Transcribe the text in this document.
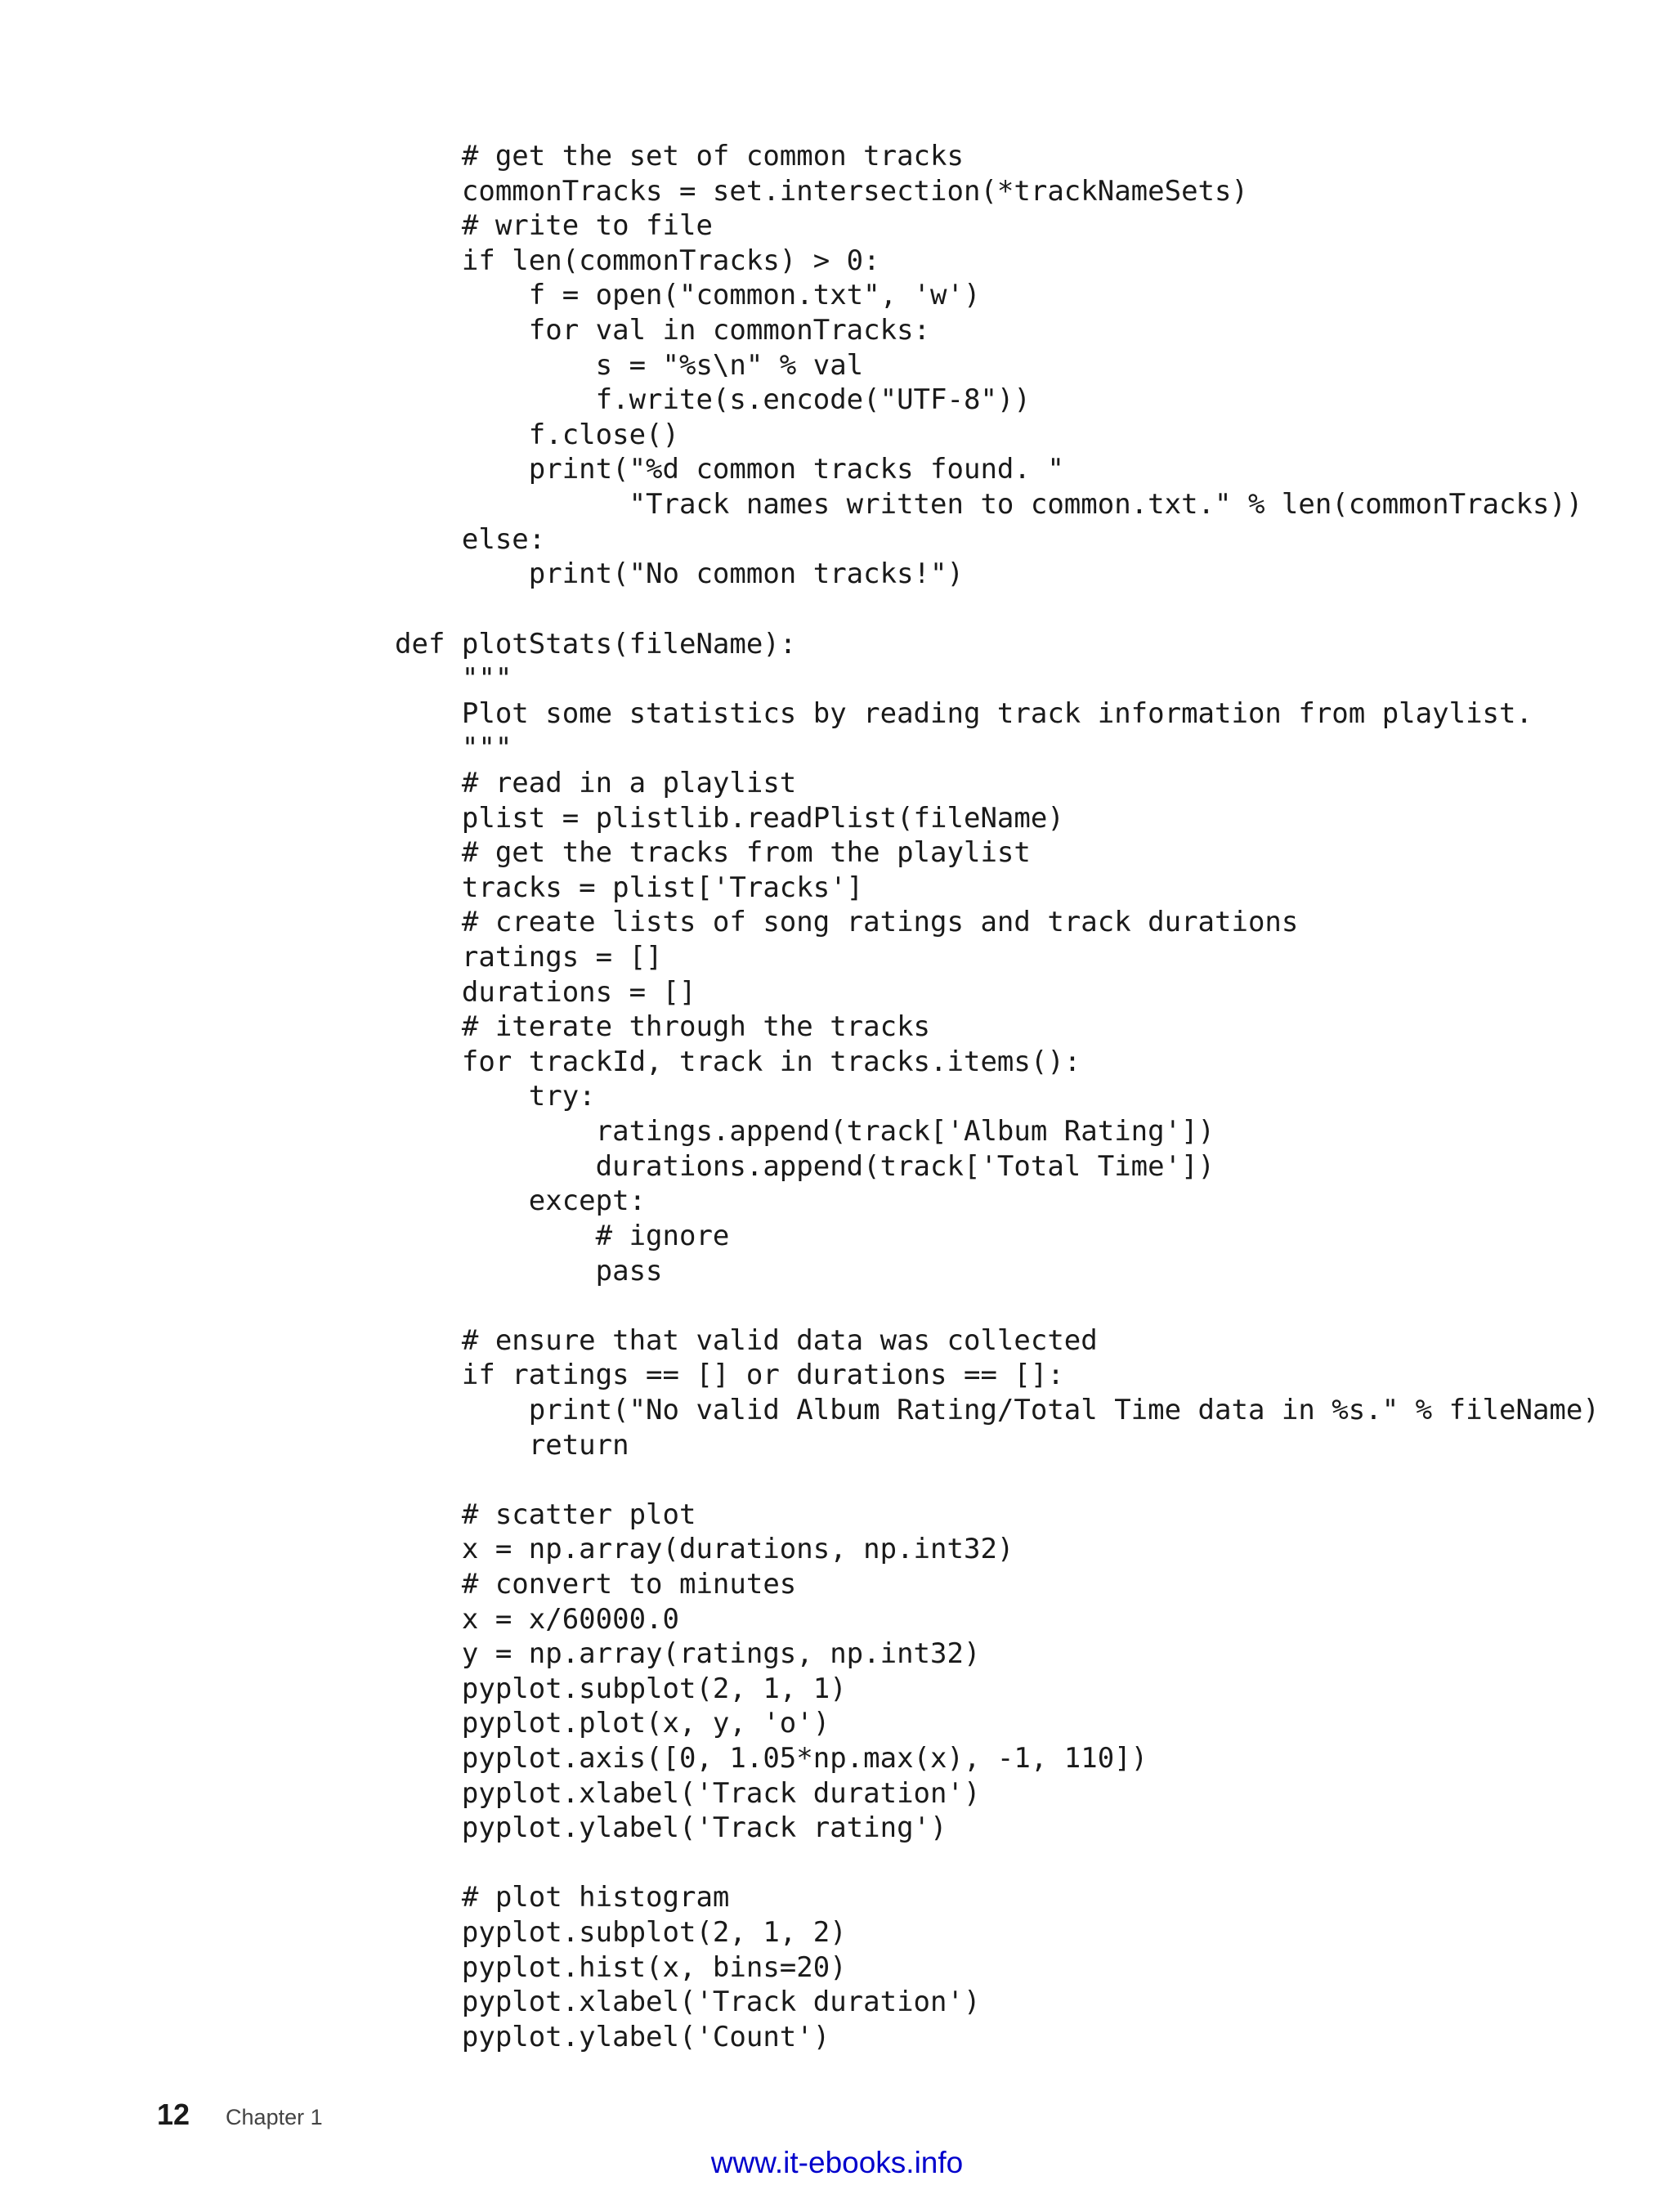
# get the set of common tracks
commonTracks = set.intersection(*trackNameSets)
# write to file
if len(commonTracks) > 0:
f = open("common.txt", 'w')
for val in commonTracks:
s = "%s\n" % val
f.write(s.encode("UTF-8"))
f.close()
print("%d common tracks found. "
"Track names written to common.txt." % len(commonTracks))
else:
print("No common tracks!")
def plotStats(fileName):
"""
Plot some statistics by reading track information from playlist.
"""
# read in a playlist
plist = plistlib.readPlist(fileName)
# get the tracks from the playlist
tracks = plist['Tracks']
# create lists of song ratings and track durations
ratings = []
durations = []
# iterate through the tracks
for trackId, track in tracks.items():
try:
ratings.append(track['Album Rating'])
durations.append(track['Total Time'])
except:
# ignore
pass
# ensure that valid data was collected
if ratings == [] or durations == []:
print("No valid Album Rating/Total Time data in %s." % fileName)
return
# scatter plot
x = np.array(durations, np.int32)
# convert to minutes
x = x/60000.0
y = np.array(ratings, np.int32)
pyplot.subplot(2, 1, 1)
pyplot.plot(x, y, 'o')
pyplot.axis([0, 1.05*np.max(x), -1, 110])
pyplot.xlabel('Track duration')
pyplot.ylabel('Track rating')
# plot histogram
pyplot.subplot(2, 1, 2)
pyplot.hist(x, bins=20)
pyplot.xlabel('Track duration')
pyplot.ylabel('Count')
12 Chapter 1
www.it-ebooks.info
